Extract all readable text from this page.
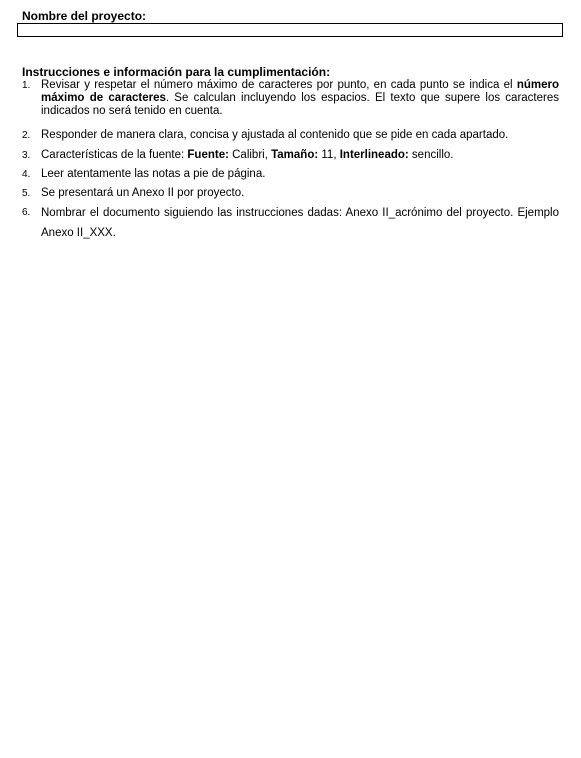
Nombre del proyecto:
Instrucciones e información para la cumplimentación:
1. Revisar y respetar el número máximo de caracteres por punto, en cada punto se indica el número máximo de caracteres. Se calculan incluyendo los espacios. El texto que supere los caracteres indicados no será tenido en cuenta.
2. Responder de manera clara, concisa y ajustada al contenido que se pide en cada apartado.
3. Características de la fuente: Fuente: Calibri, Tamaño: 11, Interlineado: sencillo.
4. Leer atentamente las notas a pie de página.
5. Se presentará un Anexo II por proyecto.
6. Nombrar el documento siguiendo las instrucciones dadas: Anexo II_acrónimo del proyecto. Ejemplo Anexo II_XXX.
